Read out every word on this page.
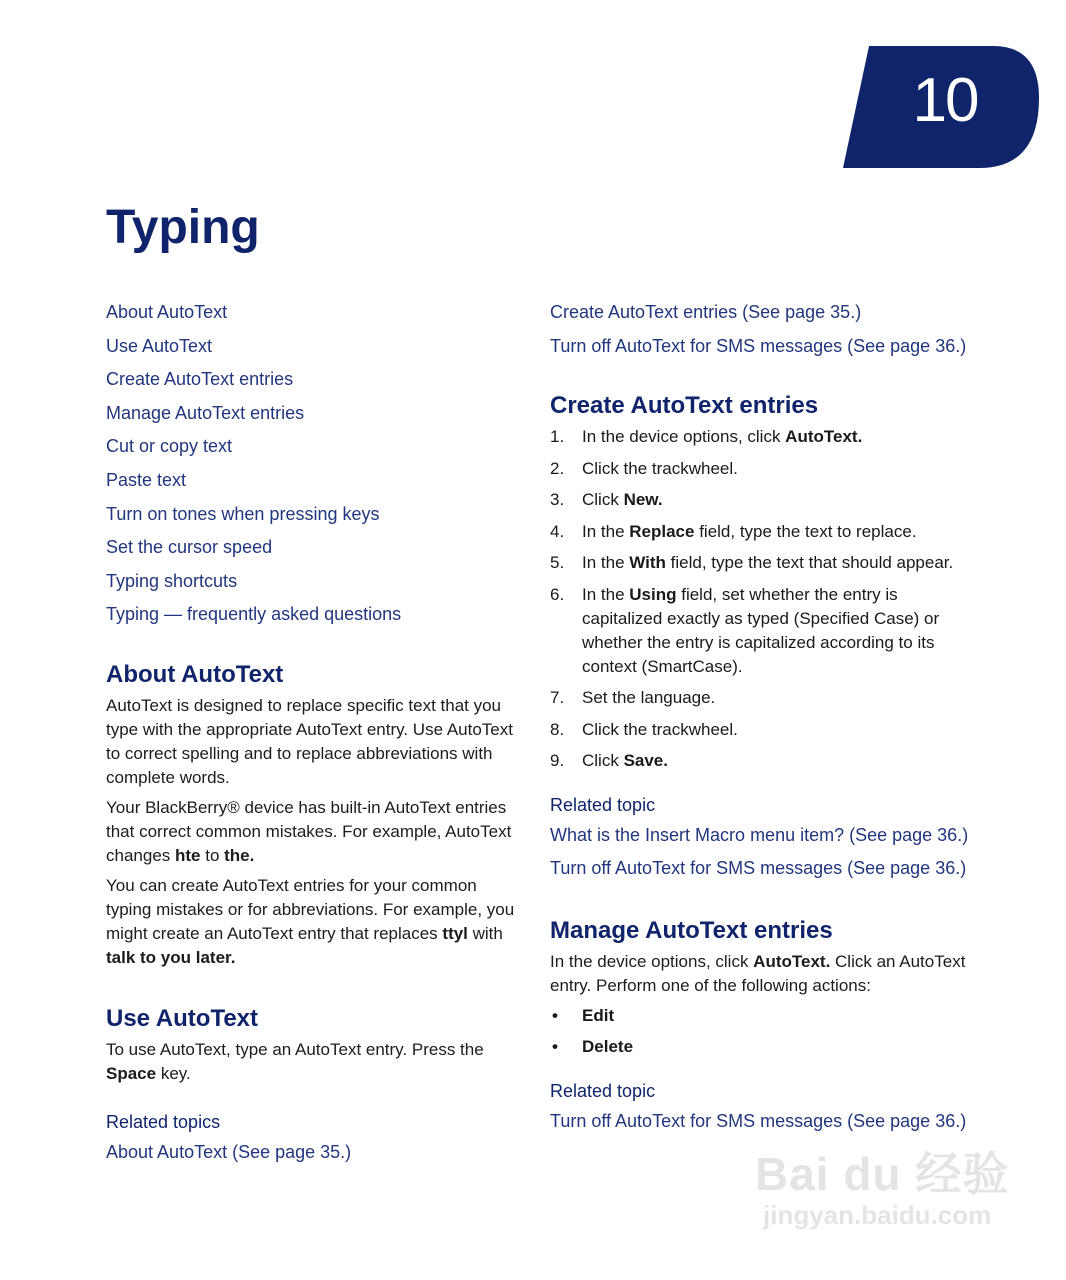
10
Typing
About AutoText
Use AutoText
Create AutoText entries
Manage AutoText entries
Cut or copy text
Paste text
Turn on tones when pressing keys
Set the cursor speed
Typing shortcuts
Typing — frequently asked questions
About AutoText

AutoText is designed to replace specific text that you type with the appropriate AutoText entry. Use AutoText to correct spelling and to replace abbreviations with complete words.

Your BlackBerry® device has built-in AutoText entries that correct common mistakes. For example, AutoText changes hte to the.

You can create AutoText entries for your common typing mistakes or for abbreviations. For example, you might create an AutoText entry that replaces ttyl with talk to you later.

Use AutoText

To use AutoText, type an AutoText entry. Press the Space key.

Related topics
About AutoText (See page 35.)
Create AutoText entries (See page 35.)
Turn off AutoText for SMS messages (See page 36.)
Create AutoText entries
1. In the device options, click AutoText.
2. Click the trackwheel.
3. Click New.
4. In the Replace field, type the text to replace.
5. In the With field, type the text that should appear.
6. In the Using field, set whether the entry is capitalized exactly as typed (Specified Case) or whether the entry is capitalized according to its context (SmartCase).
7. Set the language.
8. Click the trackwheel.
9. Click Save.
Related topic
What is the Insert Macro menu item? (See page 36.)
Turn off AutoText for SMS messages (See page 36.)
Manage AutoText entries

In the device options, click AutoText. Click an AutoText entry. Perform one of the following actions:

• Edit
• Delete
Related topic
Turn off AutoText for SMS messages (See page 36.)
Bai du 经验
jingyan.baidu.com
